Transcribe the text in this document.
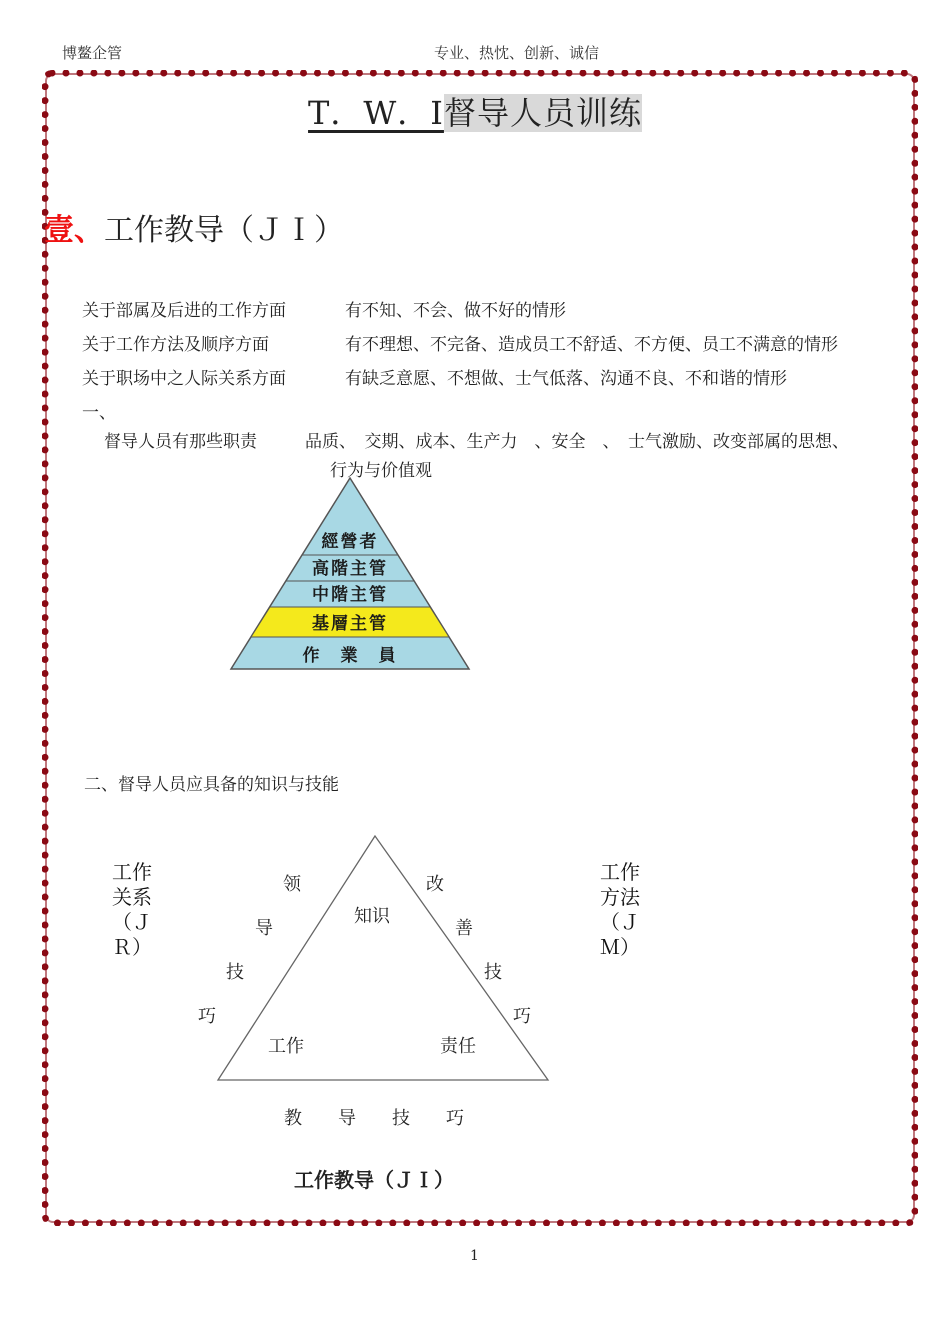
博鳌企管	专业、热忱、创新、诚信
T．W．I督导人员训练
壹、工作教导（ＪＩ）
关于部属及后进的工作方面	有不知、不会、做不好的情形
关于工作方法及顺序方面	有不理想、不完备、造成员工不舒适、不方便、员工不满意的情形
关于职场中之人际关系方面	有缺乏意愿、不想做、士气低落、沟通不良、不和谐的情形
一、
督导人员有那些职责	品质、　交期、成本、生产力　、安全　、　士气激励、改变部属的思想、
行为与价值观
經營者
高階主管
中階主管
基層主管
作　業　員
二、督导人员应具备的知识与技能
工作
关系
（Ｊ
Ｒ）
工作
方法
（Ｊ
Ｍ）
领
导
技
巧
改
善
技
巧
知识
工作	责任
教　　导　　技　　巧
工作教导（ＪＩ）
1
